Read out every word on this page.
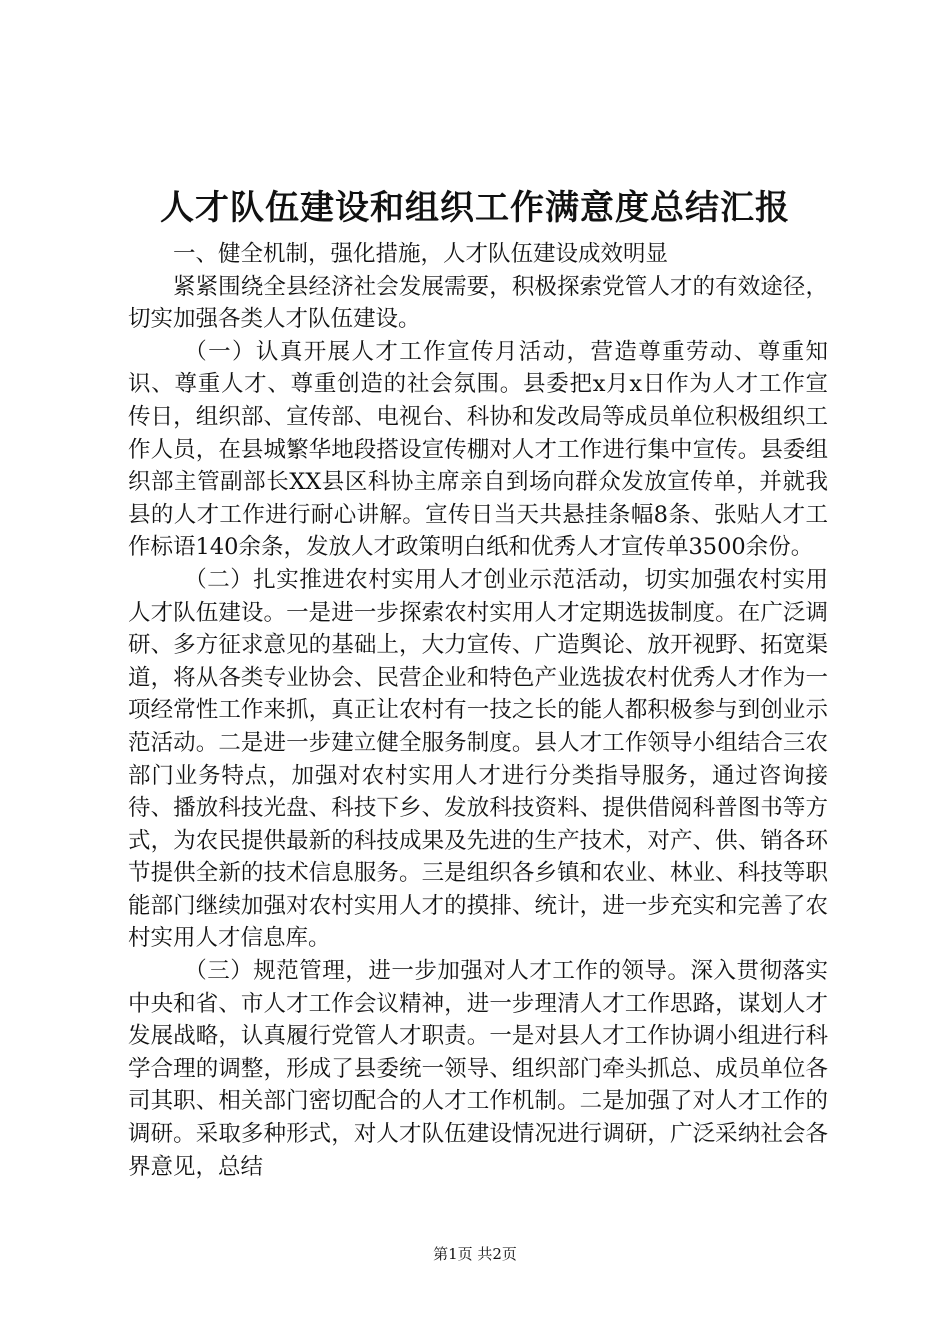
人才队伍建设和组织工作满意度总结汇报

一、健全机制，强化措施，人才队伍建设成效明显

紧紧围绕全县经济社会发展需要，积极探索党管人才的有效途径，切实加强各类人才队伍建设。

（一）认真开展人才工作宣传月活动，营造尊重劳动、尊重知识、尊重人才、尊重创造的社会氛围。县委把x月x日作为人才工作宣传日，组织部、宣传部、电视台、科协和发改局等成员单位积极组织工作人员，在县城繁华地段搭设宣传棚对人才工作进行集中宣传。县委组织部主管副部长XX县区科协主席亲自到场向群众发放宣传单，并就我县的人才工作进行耐心讲解。宣传日当天共悬挂条幅8条、张贴人才工作标语140余条，发放人才政策明白纸和优秀人才宣传单3500余份。

（二）扎实推进农村实用人才创业示范活动，切实加强农村实用人才队伍建设。一是进一步探索农村实用人才定期选拔制度。在广泛调研、多方征求意见的基础上，大力宣传、广造舆论、放开视野、拓宽渠道，将从各类专业协会、民营企业和特色产业选拔农村优秀人才作为一项经常性工作来抓，真正让农村有一技之长的能人都积极参与到创业示范活动。二是进一步建立健全服务制度。县人才工作领导小组结合三农部门业务特点，加强对农村实用人才进行分类指导服务，通过咨询接待、播放科技光盘、科技下乡、发放科技资料、提供借阅科普图书等方式，为农民提供最新的科技成果及先进的生产技术，对产、供、销各环节提供全新的技术信息服务。三是组织各乡镇和农业、林业、科技等职能部门继续加强对农村实用人才的摸排、统计，进一步充实和完善了农村实用人才信息库。

（三）规范管理，进一步加强对人才工作的领导。深入贯彻落实中央和省、市人才工作会议精神，进一步理清人才工作思路，谋划人才发展战略，认真履行党管人才职责。一是对县人才工作协调小组进行科学合理的调整，形成了县委统一领导、组织部门牵头抓总、成员单位各司其职、相关部门密切配合的人才工作机制。二是加强了对人才工作的调研。采取多种形式，对人才队伍建设情况进行调研，广泛采纳社会各界意见，总结

第1页 共2页
